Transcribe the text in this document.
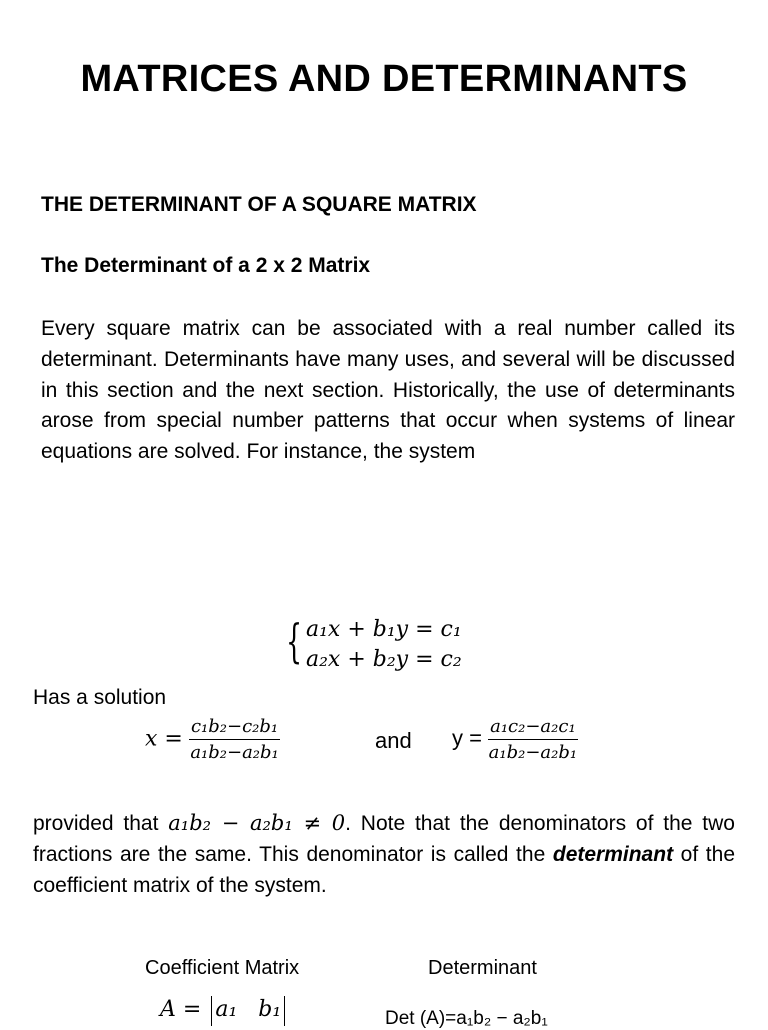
MATRICES AND DETERMINANTS
THE DETERMINANT OF A SQUARE MATRIX
The Determinant of a 2 x 2 Matrix
Every square matrix can be associated with a real number called its determinant. Determinants have many uses, and several will be discussed in this section and the next section. Historically, the use of determinants arose from special number patterns that occur when systems of linear equations are solved. For instance, the system
{ a₁x + b₁y = c₁
a₂x + b₂y = c₂
Has a solution
$x = \frac{\text{c₁b₂−c₂b₁}}{\text{a₁b₂−a₂b₁}}$	and $y = \frac{\text{a₁c₂−a₂c₁}}{\text{a₁b₂−a₂b₁}}$
provided that a₁b₂ − a₂b₁ ≠ 0. Note that the denominators of the two fractions are the same. This denominator is called the determinant of the coefficient matrix of the system.
Coefficient Matrix	Determinant
A = a₁ b₁	Det (A)=a₁b₂ − a₂b₁
